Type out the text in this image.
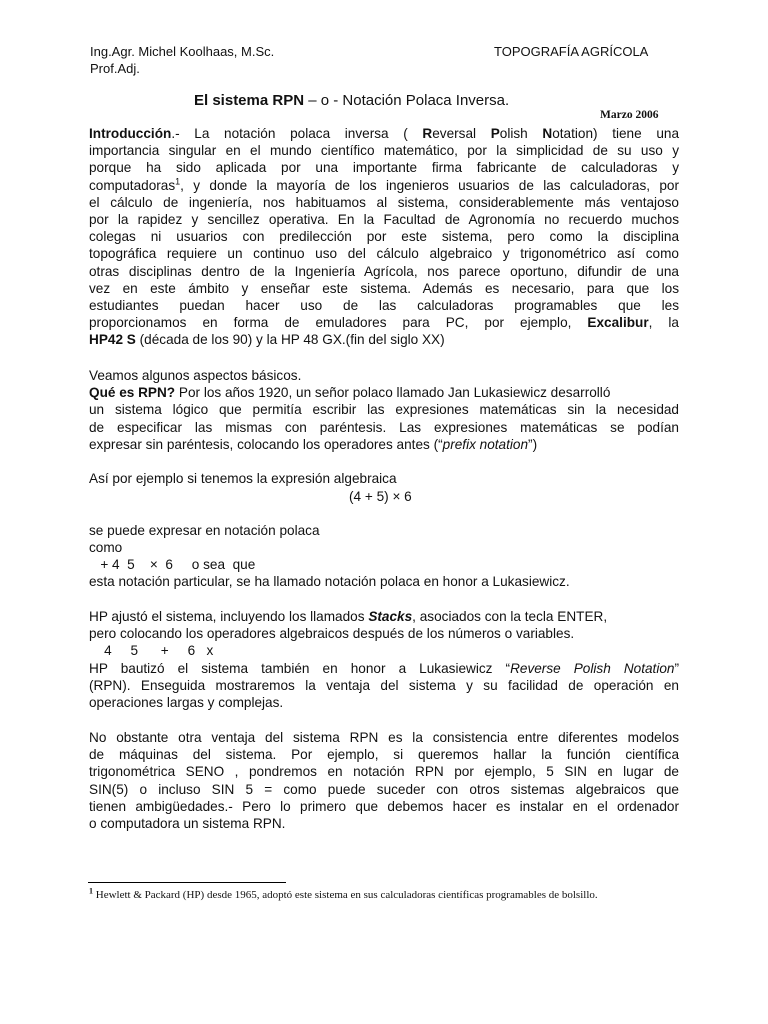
Ing.Agr. Michel Koolhaas, M.Sc.
Prof.Adj.
TOPOGRAFÍA AGRÍCOLA
El sistema RPN – o - Notación Polaca Inversa.
Marzo 2006
Introducción.- La notación polaca inversa ( Reversal Polish Notation) tiene una
importancia singular en el mundo científico matemático, por la simplicidad de su uso y
porque ha sido aplicada por una importante firma fabricante de calculadoras y
computadoras$^1$, y donde la mayoría de los ingenieros usuarios de las calculadoras, por
el cálculo de ingeniería, nos habituamos al sistema, considerablemente más ventajoso
por la rapidez y sencillez operativa. En la Facultad de Agronomía no recuerdo muchos
colegas ni usuarios con predilección por este sistema, pero como la disciplina
topográfica requiere un continuo uso del cálculo algebraico y trigonométrico así como
otras disciplinas dentro de la Ingeniería Agrícola, nos parece oportuno, difundir de una
vez en este ámbito y enseñar este sistema. Además es necesario, para que los
estudiantes puedan hacer uso de las calculadoras programables que les
proporcionamos en forma de emuladores para PC, por ejemplo, Excalibur, la
HP42 S (década de los 90) y la HP 48 GX.(fin del siglo XX)
Veamos algunos aspectos básicos.
Qué es RPN? Por los años 1920, un señor polaco llamado Jan Lukasiewicz desarrolló
un sistema lógico que permitía escribir las expresiones matemáticas sin la necesidad
de especificar las mismas con paréntesis. Las expresiones matemáticas se podían
expresar sin paréntesis, colocando los operadores antes (“prefix notation”)
Así por ejemplo si tenemos la expresión algebraica
(4 + 5) × 6
se puede expresar en notación polaca
como
+ 4  5    ×  6     o sea  que
esta notación particular, se ha llamado notación polaca en honor a Lukasiewicz.
HP ajustó el sistema, incluyendo los llamados Stacks, asociados con la tecla ENTER,
pero colocando los operadores algebraicos después de los números o variables.
4     5      +     6   x
HP bautizó el sistema también en honor a Lukasiewicz “Reverse Polish Notation”
(RPN). Enseguida mostraremos la ventaja del sistema y su facilidad de operación en
operaciones largas y complejas.
No obstante otra ventaja del sistema RPN es la consistencia entre diferentes modelos
de máquinas del sistema. Por ejemplo, si queremos hallar la función científica
trigonométrica SENO , pondremos en notación RPN por ejemplo, 5 SIN en lugar de
SIN(5) o incluso SIN 5 = como puede suceder con otros sistemas algebraicos que
tienen ambigüedades.- Pero lo primero que debemos hacer es instalar en el ordenador
o computadora un sistema RPN.
$^1$ Hewlett & Packard (HP) desde 1965, adoptó este sistema en sus calculadoras científicas programables de bolsillo.
